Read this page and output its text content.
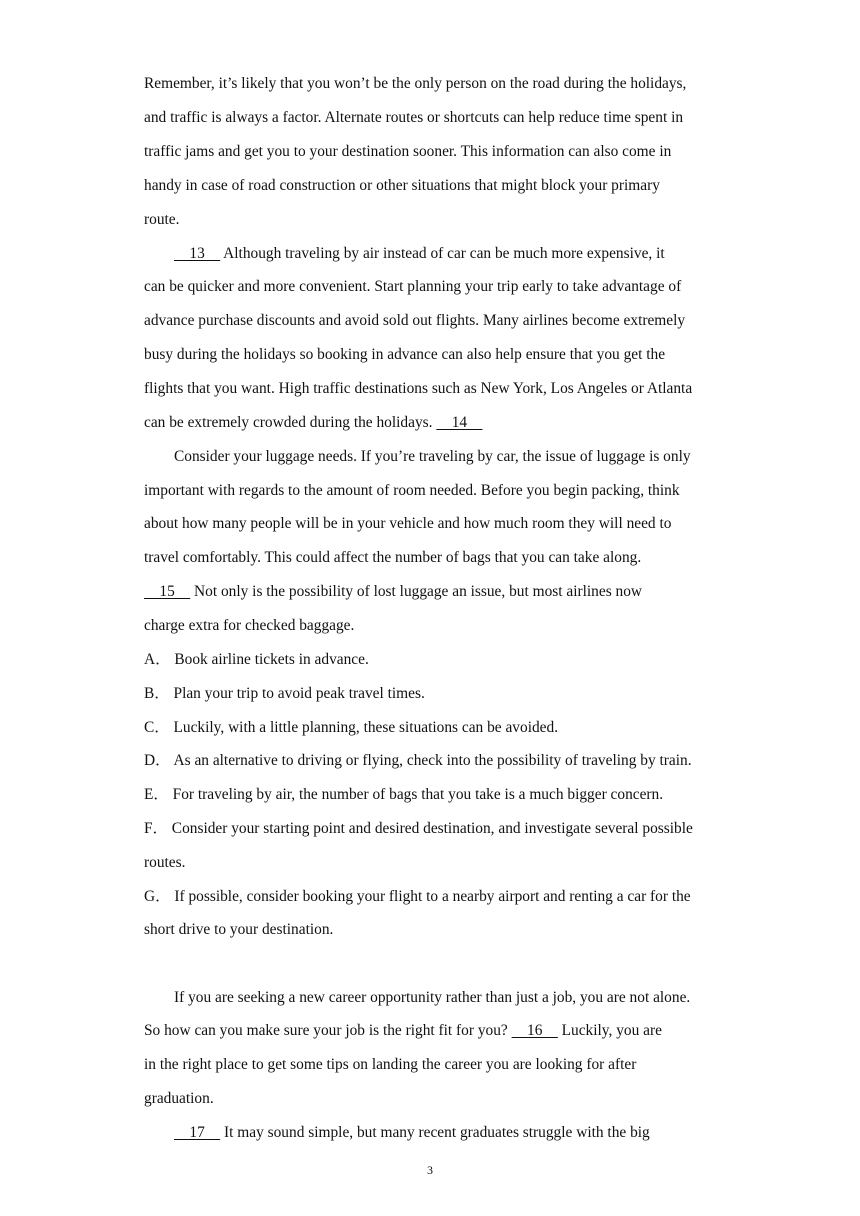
Remember, it’s likely that you won’t be the only person on the road during the holidays,
and traffic is always a factor. Alternate routes or shortcuts can help reduce time spent in
traffic jams and get you to your destination sooner. This information can also come in
handy in case of road construction or other situations that might block your primary
route.
13     Although traveling by air instead of car can be much more expensive, it
can be quicker and more convenient. Start planning your trip early to take advantage of
advance purchase discounts and avoid sold out flights. Many airlines become extremely
busy during the holidays so booking in advance can also help ensure that you get the
flights that you want. High traffic destinations such as New York, Los Angeles or Atlanta
can be extremely crowded during the holidays.     14
Consider your luggage needs. If you’re traveling by car, the issue of luggage is only
important with regards to the amount of room needed. Before you begin packing, think
about how many people will be in your vehicle and how much room they will need to
travel comfortably. This could affect the number of bags that you can take along.
15     Not only is the possibility of lost luggage an issue, but most airlines now
charge extra for checked baggage.
A． Book airline tickets in advance.
B． Plan your trip to avoid peak travel times.
C． Luckily, with a little planning, these situations can be avoided.
D． As an alternative to driving or flying, check into the possibility of traveling by train.
E． For traveling by air, the number of bags that you take is a much bigger concern.
F． Consider your starting point and desired destination, and investigate several possible
routes.
G． If possible, consider booking your flight to a nearby airport and renting a car for the
short drive to your destination.
If you are seeking a new career opportunity rather than just a job, you are not alone.
So how can you make sure your job is the right fit for you?     16     Luckily, you are
in the right place to get some tips on landing the career you are looking for after
graduation.
17     It may sound simple, but many recent graduates struggle with the big
3
